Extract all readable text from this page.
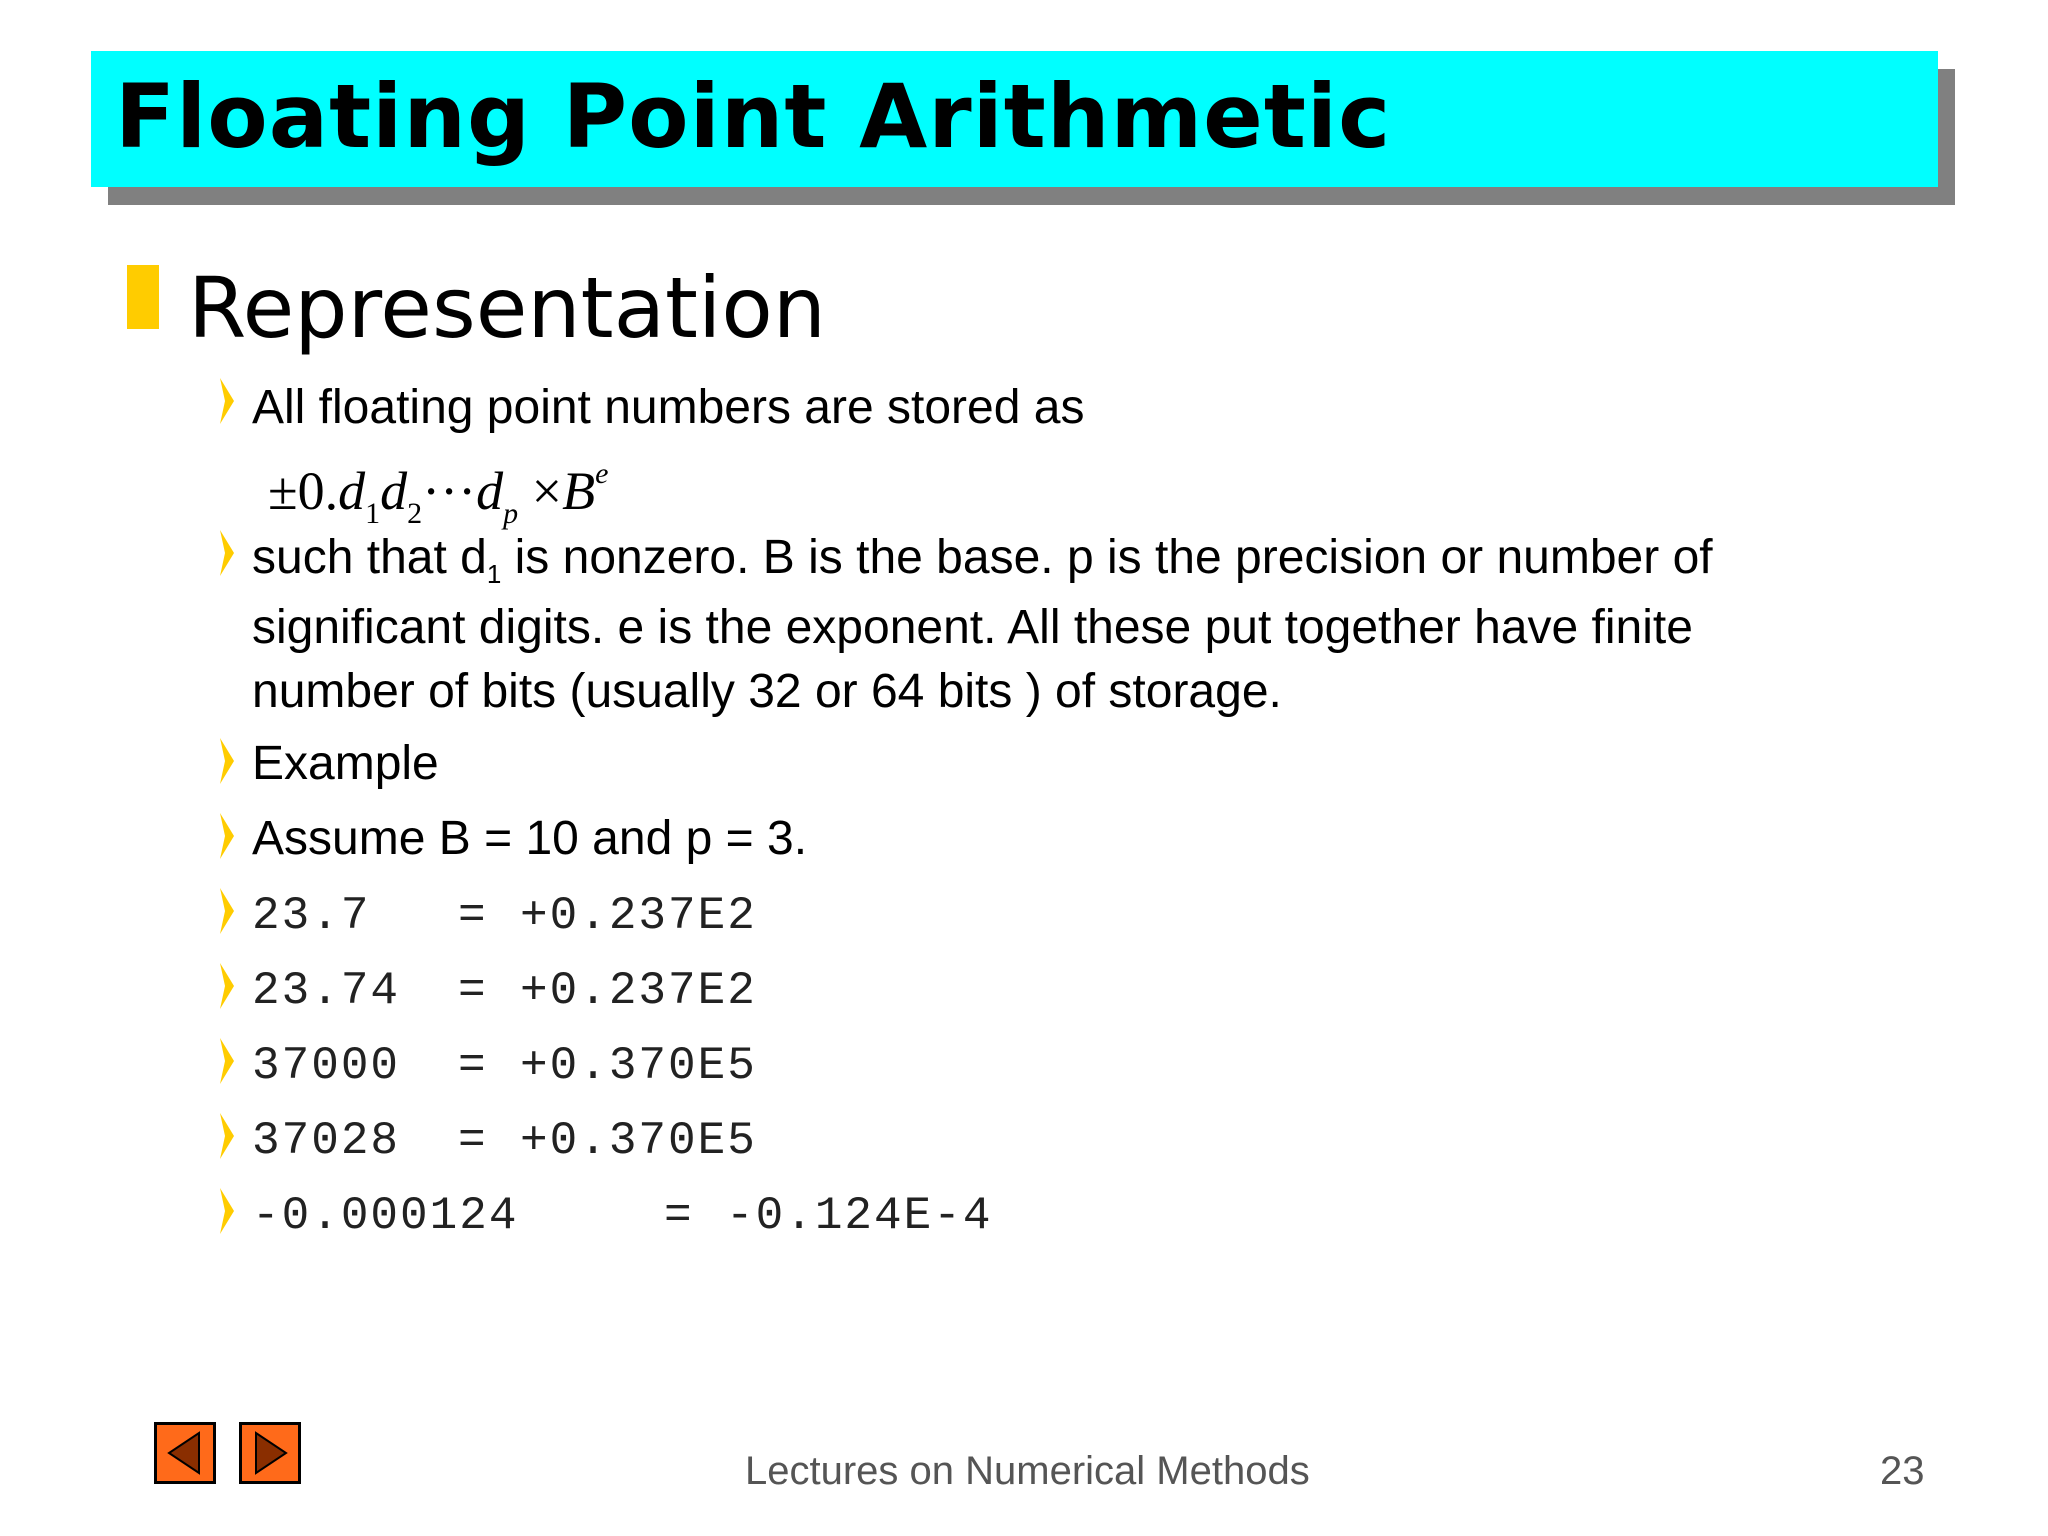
Floating Point Arithmetic
Representation
All floating point numbers are stored as
$\pm 0.d_1d_2\cdot\cdot\cdot d_p \times B^e$
such that $d_1$ is nonzero. B is the base. p is the precision or number of
significant digits. e is the exponent. All these put together have finite
number of bits (usually 32 or 64 bits ) of storage.
Example
Assume B = 10 and p = 3.
23.7 = +0.237E2
23.74 = +0.237E2
37000 = +0.370E5
37028 = +0.370E5
-0.000124	= -0.124E-4
Lectures on Numerical Methods	23
